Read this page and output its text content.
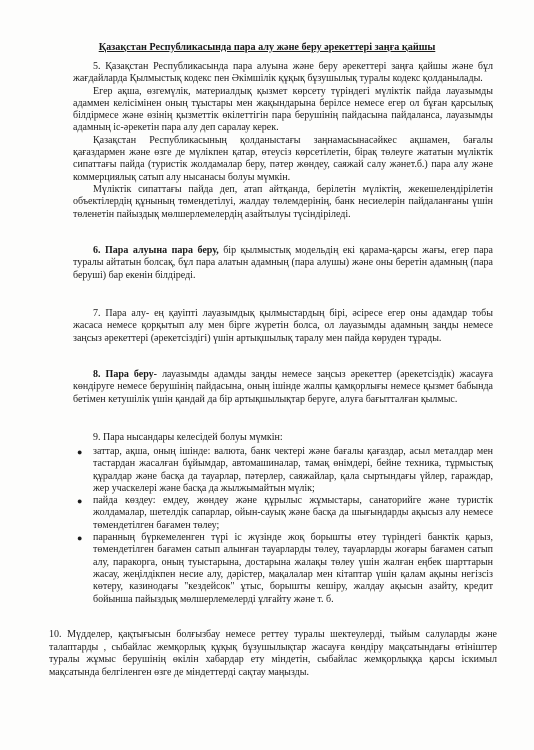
Қазақстан Республикасында пара алу және беру әрекеттері заңға қайшы

5. Қазақстан Республикасында пара алуына және беру әрекеттері заңға қайшы және бұл жағдайларда Қылмыстық кодекс пен Әкімшілік құқық бұзушылық туралы кодекс қолданылады.

Егер ақша, өзгемүлік, материалдық қызмет көрсету түріндегі мүліктік пайда лауазымды адаммен келісімінен оның тұыстары мен жақындарына берілсе немесе егер ол бұған қарсылық білдірмесе және өзінің қызметтік өкілеттігін пара берушінің пайдасына пайдаланса, лауазымды адамның іс-әрекетін пара алу деп саралау керек.

Қазақстан Республикасының қолданыстағы заңнамасынасәйкес ақшамен, бағалы қағаздармен және өзге де мүлікпен қатар, өтеусіз көрсетілетін, бірақ төлеуге жататын мүліктік сипаттағы пайда (туристік жолдамалар беру, пәтер жөндеу, саяжай салу жәнет.б.) пара алу және коммерциялық сатып алу нысанасы болуы мүмкін.

Мүліктік сипаттағы пайда деп, атап айтқанда, берілетін мүліктің, жекешелендірілетін объектілердің құнының төмендетілуі, жалдау төлемдерінің, банк несиелерін пайдаланғаны үшін төленетін пайыздық мөлшерлемелердің азайтылуы түсіндіріледі.

6. Пара алуына пара беру, бір қылмыстық модельдің екі қарама-қарсы жағы, егер пара туралы айтатын болсақ, бұл пара алатын адамның (пара алушы) және оны беретін адамның (пара беруші) бар екенін білдіреді.

7. Пара алу- ең қауіпті лауазымдық қылмыстардың бірі, әсіресе егер оны адамдар тобы жасаса немесе қорқытып алу мен бірге жүретін болса, ол лауазымды адамның заңды немесе заңсыз әрекеттері (әрекетсіздігі) үшін артықшылық таралу мен пайда көрудeн тұрады.

8. Пара беру- лауазымды адамды заңды немесе заңсыз әрекеттер (әрекетсіздік) жасауға көндіруге немесе берушінің пайдасына, оның ішінде жалпы қамқорлығы немесе қызмет бабында бетімен кетушілік үшін қандай да бір артықшылықтар беруге, алуға бағытталған қылмыс.

9. Пара нысандары келесідей болуы мүмкін:
● заттар, ақша, оның ішінде: валюта, банк чектері және бағалы қағаздар, асыл металдар мен тастардан жасалған бұйымдар, автомашиналар, тамақ өнімдері, бейне техника, тұрмыстық құралдар және басқа да тауарлар, пәтерлер, саяжайлар, қала сыртындағы үйлер, гараждар, жер учаскелері және басқа да жылжымайтын мүлік;
● пайда көздеу: емдеу, жөндеу және құрылыс жұмыстары, санаторийге және туристік жолдамалар, шетелдік сапарлар, ойын-сауық және басқа да шығындарды ақысыз алу немесе төмендетілген бағамен төлеу;
● паранның бүркемеленген түрі іс жүзінде жоқ борышты өтеу түріндегі банктік қарыз, төмендетілген бағамен сатып алынған тауарларды төлеу, тауарларды жоғары бағамен сатып алу, паракорга, оның туыстарына, достарына жалақы төлеу үшін жалған еңбек шарттарын жасау, жеңілдікпен несие алу, дәрістер, мақалалар мен кітаптар үшін қалам ақыны негізсіз көтеру, казинодағы "кездейсок" ұтыс, борышты кешіру, жалдау ақысын азайту, кредит бойынша пайыздық мөлшерлемелерді ұлғайту және т. б.
10. Мүдделер, қақтығысын болғызбау немесе реттеу туралы шектеулерді, тыйым салуларды және талаптарды , сыбайлас жемқорлық құқық бұзушылықтар жасауға көндіру мақсатындағы өтініштер туралы жұмыс берушінің өкілін хабардар ету міндетін, сыбайлас жемқорлыққа қарсы іскимыл мақсатында белгіленген өзге де міндеттерді сақтау маңызды.
